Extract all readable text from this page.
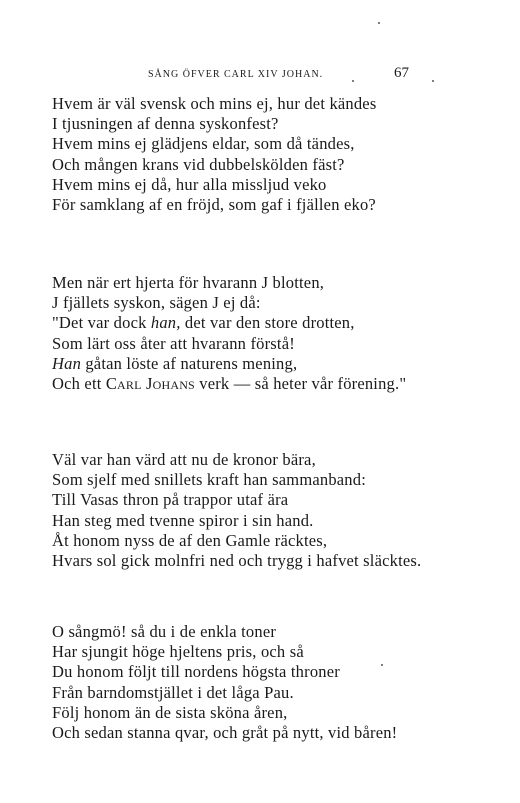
SÅNG ÖFVER CARL XIV JOHAN.	67
Hvem är väl svensk och mins ej, hur det kändes
I tjusningen af denna syskonfest?
Hvem mins ej glädjens eldar, som då tändes,
Och mången krans vid dubbelskölden fäst?
Hvem mins ej då, hur alla missljud veko
För samklang af en fröjd, som gaf i fjällen eko?
Men när ert hjerta för hvarann J blotten,
J fjällets syskon, sägen J ej då:
"Det var dock han, det var den store drotten,
Som lärt oss åter att hvarann förstå!
Han gåtan löste af naturens mening,
Och ett Carl Johans verk — så heter vår förening."
Väl var han värd att nu de kronor bära,
Som sjelf med snillets kraft han sammanband:
Till Vasas thron på trappor utaf ära
Han steg med tvenne spiror i sin hand.
Åt honom nyss de af den Gamle räcktes,
Hvars sol gick molnfri ned och trygg i hafvet släcktes.
O sångmö! så du i de enkla toner
Har sjungit höge hjeltens pris, och så
Du honom följt till nordens högsta throner
Från barndomstjället i det låga Pau.
Följ honom än de sista sköna åren,
Och sedan stanna qvar, och gråt på nytt, vid båren!
